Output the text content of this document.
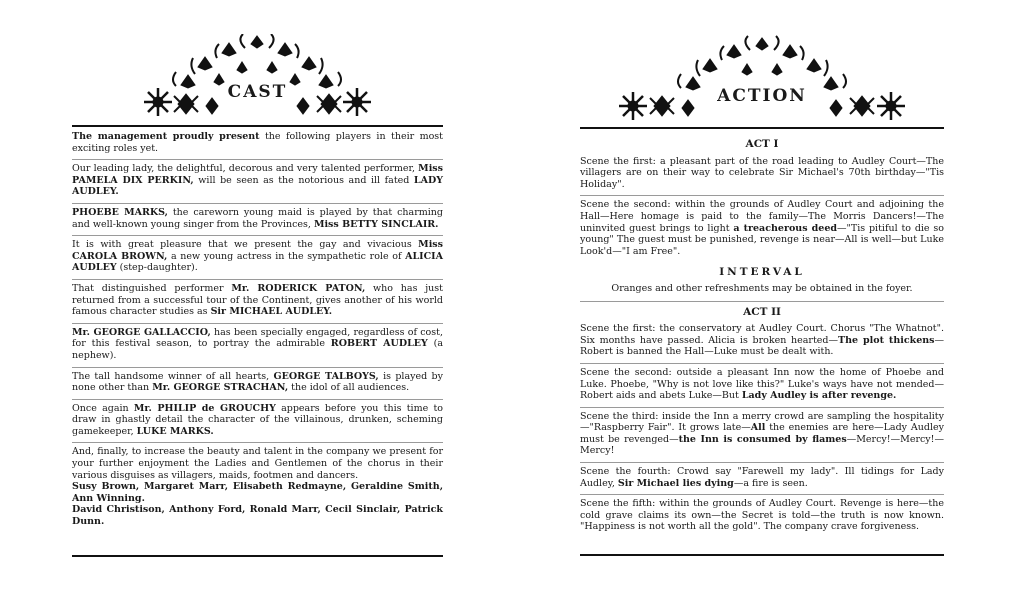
CAST
The management proudly present the following players in their most exciting roles yet.
Our leading lady, the delightful, decorous and very talented performer, Miss PAMELA DIX PERKIN, will be seen as the notorious and ill fated LADY AUDLEY.
PHOEBE MARKS, the careworn young maid is played by that charming and well-known young singer from the Provinces, Miss BETTY SINCLAIR.
It is with great pleasure that we present the gay and vivacious Miss CAROLA BROWN, a new young actress in the sympathetic role of ALICIA AUDLEY (step-daughter).
That distinguished performer Mr. RODERICK PATON, who has just returned from a successful tour of the Continent, gives another of his world famous character studies as Sir MICHAEL AUDLEY.
Mr. GEORGE GALLACCIO, has been specially engaged, regardless of cost, for this festival season, to portray the admirable ROBERT AUDLEY (a nephew).
The tall handsome winner of all hearts, GEORGE TALBOYS, is played by none other than Mr. GEORGE STRACHAN, the idol of all audiences.
Once again Mr. PHILIP de GROUCHY appears before you this time to draw in ghastly detail the character of the villainous, drunken, scheming gamekeeper, LUKE MARKS.
And, finally, to increase the beauty and talent in the company we present for your further enjoyment the Ladies and Gentlemen of the chorus in their various disguises as villagers, maids, footmen and dancers.
Susy Brown, Margaret Marr, Elisabeth Redmayne, Geraldine Smith, Ann Winning.
David Christison, Anthony Ford, Ronald Marr, Cecil Sinclair, Patrick Dunn.
ACTION
ACT I
Scene the first: a pleasant part of the road leading to Audley Court—The villagers are on their way to celebrate Sir Michael's 70th birthday—"Tis Holiday".
Scene the second: within the grounds of Audley Court and adjoining the Hall—Here homage is paid to the family—The Morris Dancers!—The uninvited guest brings to light a treacherous deed—"Tis pitiful to die so young" The guest must be punished, revenge is near—All is well—but Luke Look'd—"I am Free".
INTERVAL
Oranges and other refreshments may be obtained in the foyer.
ACT II
Scene the first: the conservatory at Audley Court. Chorus "The Whatnot". Six months have passed. Alicia is broken hearted—The plot thickens—Robert is banned the Hall—Luke must be dealt with.
Scene the second: outside a pleasant Inn now the home of Phoebe and Luke. Phoebe, "Why is not love like this?" Luke's ways have not mended—Robert aids and abets Luke—But Lady Audley is after revenge.
Scene the third: inside the Inn a merry crowd are sampling the hospitality—"Raspberry Fair". It grows late—All the enemies are here—Lady Audley must be revenged—the Inn is consumed by flames—Mercy!—Mercy!—Mercy!
Scene the fourth: Crowd say "Farewell my lady". Ill tidings for Lady Audley, Sir Michael lies dying—a fire is seen.
Scene the fifth: within the grounds of Audley Court. Revenge is here—the cold grave claims its own—the Secret is told—the truth is now known. "Happiness is not worth all the gold". The company crave forgiveness.
